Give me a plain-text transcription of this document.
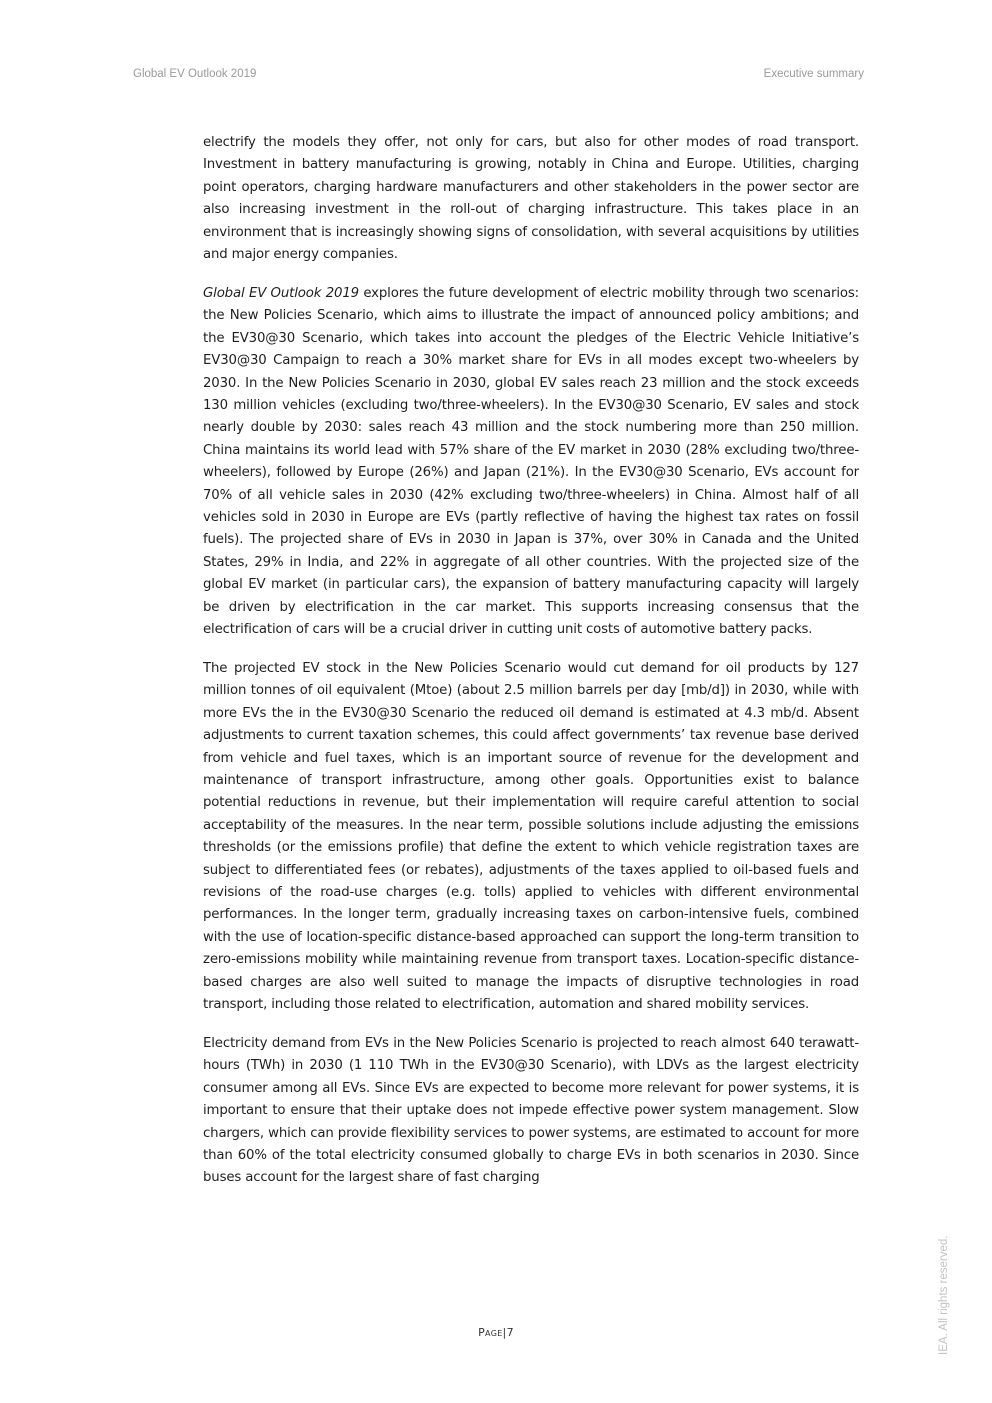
Global EV Outlook 2019	Executive summary

electrify the models they offer, not only for cars, but also for other modes of road transport. Investment in battery manufacturing is growing, notably in China and Europe. Utilities, charging point operators, charging hardware manufacturers and other stakeholders in the power sector are also increasing investment in the roll-out of charging infrastructure. This takes place in an environment that is increasingly showing signs of consolidation, with several acquisitions by utilities and major energy companies.

Global EV Outlook 2019 explores the future development of electric mobility through two scenarios: the New Policies Scenario, which aims to illustrate the impact of announced policy ambitions; and the EV30@30 Scenario, which takes into account the pledges of the Electric Vehicle Initiative’s EV30@30 Campaign to reach a 30% market share for EVs in all modes except two-wheelers by 2030. In the New Policies Scenario in 2030, global EV sales reach 23 million and the stock exceeds 130 million vehicles (excluding two/three-wheelers). In the EV30@30 Scenario, EV sales and stock nearly double by 2030: sales reach 43 million and the stock numbering more than 250 million. China maintains its world lead with 57% share of the EV market in 2030 (28% excluding two/three-wheelers), followed by Europe (26%) and Japan (21%). In the EV30@30 Scenario, EVs account for 70% of all vehicle sales in 2030 (42% excluding two/three-wheelers) in China. Almost half of all vehicles sold in 2030 in Europe are EVs (partly reflective of having the highest tax rates on fossil fuels). The projected share of EVs in 2030 in Japan is 37%, over 30% in Canada and the United States, 29% in India, and 22% in aggregate of all other countries. With the projected size of the global EV market (in particular cars), the expansion of battery manufacturing capacity will largely be driven by electrification in the car market. This supports increasing consensus that the electrification of cars will be a crucial driver in cutting unit costs of automotive battery packs.

The projected EV stock in the New Policies Scenario would cut demand for oil products by 127 million tonnes of oil equivalent (Mtoe) (about 2.5 million barrels per day [mb/d]) in 2030, while with more EVs the in the EV30@30 Scenario the reduced oil demand is estimated at 4.3 mb/d. Absent adjustments to current taxation schemes, this could affect governments’ tax revenue base derived from vehicle and fuel taxes, which is an important source of revenue for the development and maintenance of transport infrastructure, among other goals. Opportunities exist to balance potential reductions in revenue, but their implementation will require careful attention to social acceptability of the measures. In the near term, possible solutions include adjusting the emissions thresholds (or the emissions profile) that define the extent to which vehicle registration taxes are subject to differentiated fees (or rebates), adjustments of the taxes applied to oil-based fuels and revisions of the road-use charges (e.g. tolls) applied to vehicles with different environmental performances. In the longer term, gradually increasing taxes on carbon-intensive fuels, combined with the use of location-specific distance-based approached can support the long-term transition to zero-emissions mobility while maintaining revenue from transport taxes. Location-specific distance-based charges are also well suited to manage the impacts of disruptive technologies in road transport, including those related to electrification, automation and shared mobility services.

Electricity demand from EVs in the New Policies Scenario is projected to reach almost 640 terawatt-hours (TWh) in 2030 (1 110 TWh in the EV30@30 Scenario), with LDVs as the largest electricity consumer among all EVs. Since EVs are expected to become more relevant for power systems, it is important to ensure that their uptake does not impede effective power system management. Slow chargers, which can provide flexibility services to power systems, are estimated to account for more than 60% of the total electricity consumed globally to charge EVs in both scenarios in 2030. Since buses account for the largest share of fast charging

Page|7	IEA. All rights reserved.
